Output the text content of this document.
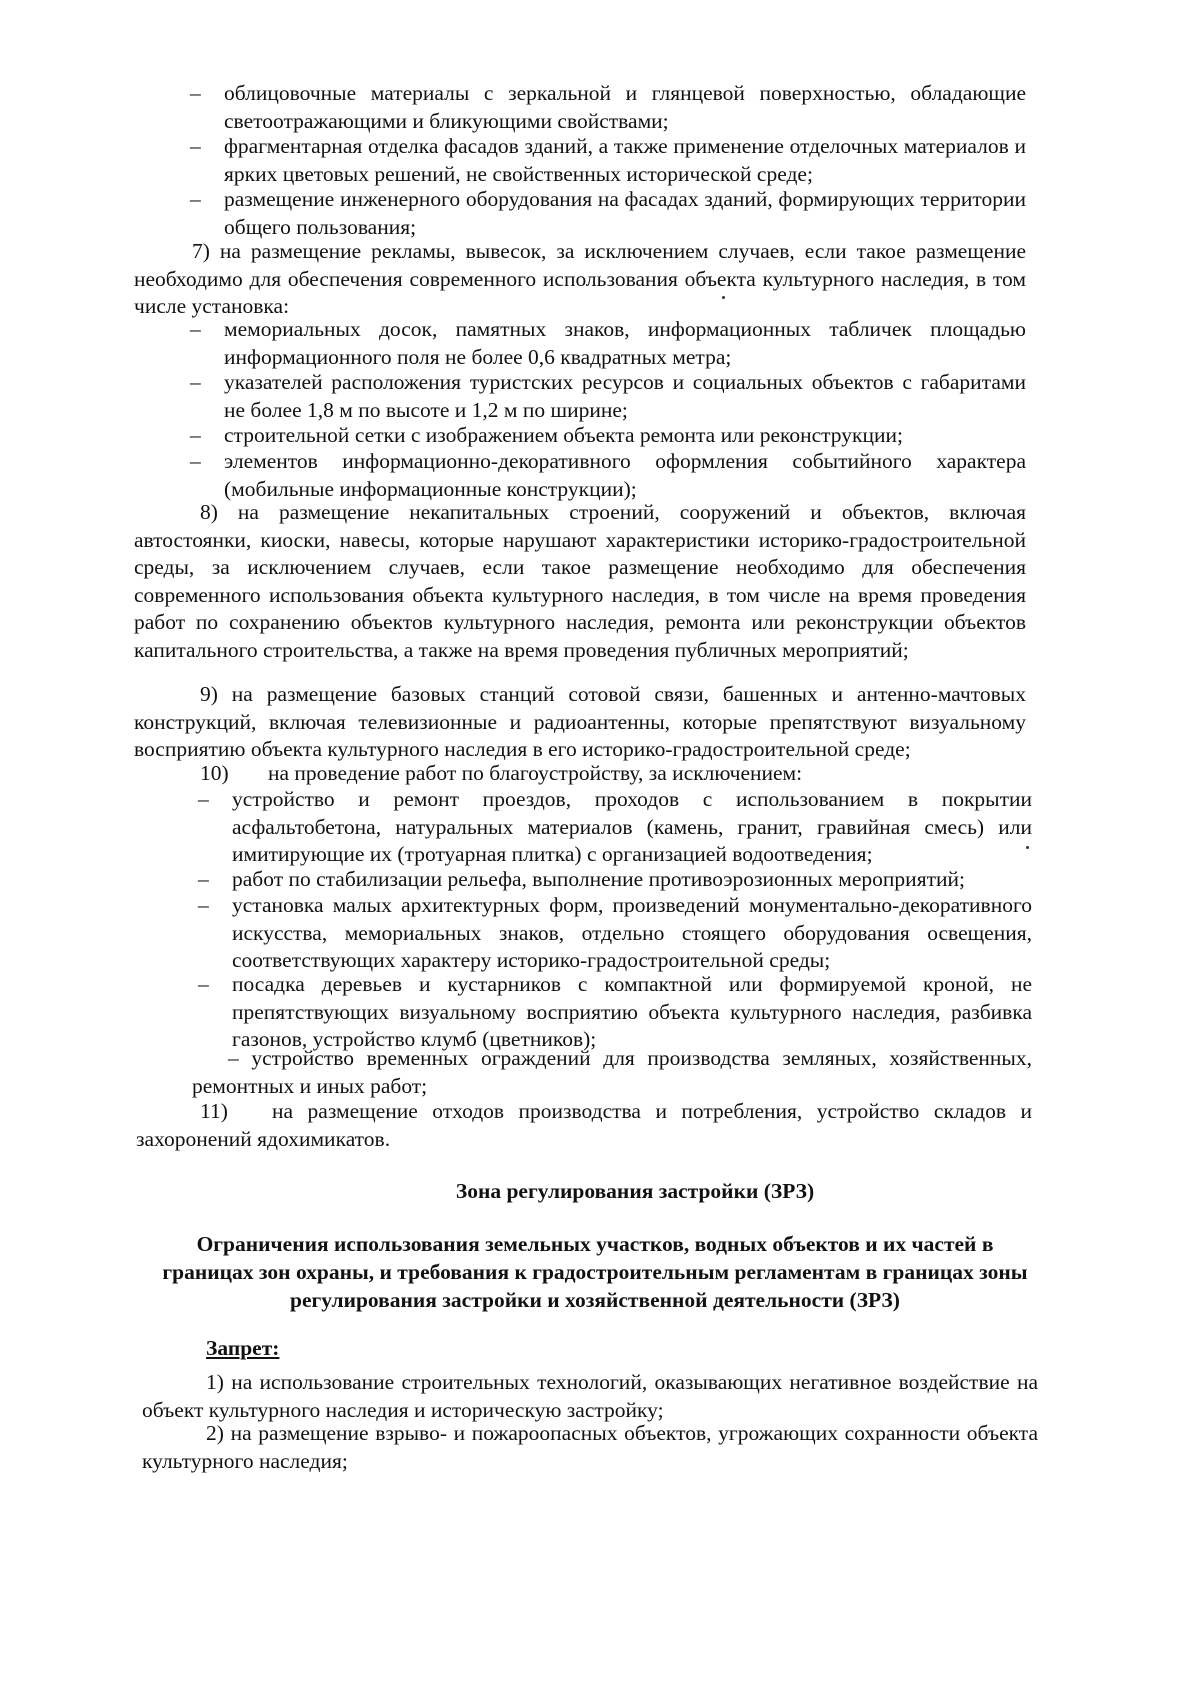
– облицовочные материалы с зеркальной и глянцевой поверхностью, обладающие светоотражающими и бликующими свойствами;
– фрагментарная отделка фасадов зданий, а также применение отделочных материалов и ярких цветовых решений, не свойственных исторической среде;
– размещение инженерного оборудования на фасадах зданий, формирующих территории общего пользования;

7) на размещение рекламы, вывесок, за исключением случаев, если такое размещение необходимо для обеспечения современного использования объекта культурного наследия, в том числе установка:

– мемориальных досок, памятных знаков, информационных табличек площадью информационного поля не более 0,6 квадратных метра;
– указателей расположения туристских ресурсов и социальных объектов с габаритами не более 1,8 м по высоте и 1,2 м по ширине;
– строительной сетки с изображением объекта ремонта или реконструкции;
– элементов информационно-декоративного оформления событийного характера (мобильные информационные конструкции);

8) на размещение некапитальных строений, сооружений и объектов, включая автостоянки, киоски, навесы, которые нарушают характеристики историко-градостроительной среды, за исключением случаев, если такое размещение необходимо для обеспечения современного использования объекта культурного наследия, в том числе на время проведения работ по сохранению объектов культурного наследия, ремонта или реконструкции объектов капитального строительства, а также на время проведения публичных мероприятий;

9) на размещение базовых станций сотовой связи, башенных и антенно-мачтовых конструкций, включая телевизионные и радиоантенны, которые препятствуют визуальному восприятию объекта культурного наследия в его историко-градостроительной среде;

10) на проведение работ по благоустройству, за исключением:
– устройство и ремонт проездов, проходов с использованием в покрытии асфальтобетона, натуральных материалов (камень, гранит, гравийная смесь) или имитирующие их (тротуарная плитка) с организацией водоотведения;
– работ по стабилизации рельефа, выполнение противоэрозионных мероприятий;
– установка малых архитектурных форм, произведений монументально-декоративного искусства, мемориальных знаков, отдельно стоящего оборудования освещения, соответствующих характеру историко-градостроительной среды;
– посадка деревьев и кустарников с компактной или формируемой кроной, не препятствующих визуальному восприятию объекта культурного наследия, разбивка газонов, устройство клумб (цветников);

– устройство временных ограждений для производства земляных, хозяйственных, ремонтных и иных работ;

11)	на размещение отходов производства и потребления, устройство складов и захоронений ядохимикатов.

Зона регулирования застройки (ЗРЗ)

Ограничения использования земельных участков, водных объектов и их частей в границах зон охраны, и требования к градостроительным регламентам в границах зоны регулирования застройки и хозяйственной деятельности (ЗРЗ)

Запрет:

1) на использование строительных технологий, оказывающих негативное воздействие на объект культурного наследия и историческую застройку;

2) на размещение взрыво- и пожароопасных объектов, угрожающих сохранности объекта культурного наследия;
